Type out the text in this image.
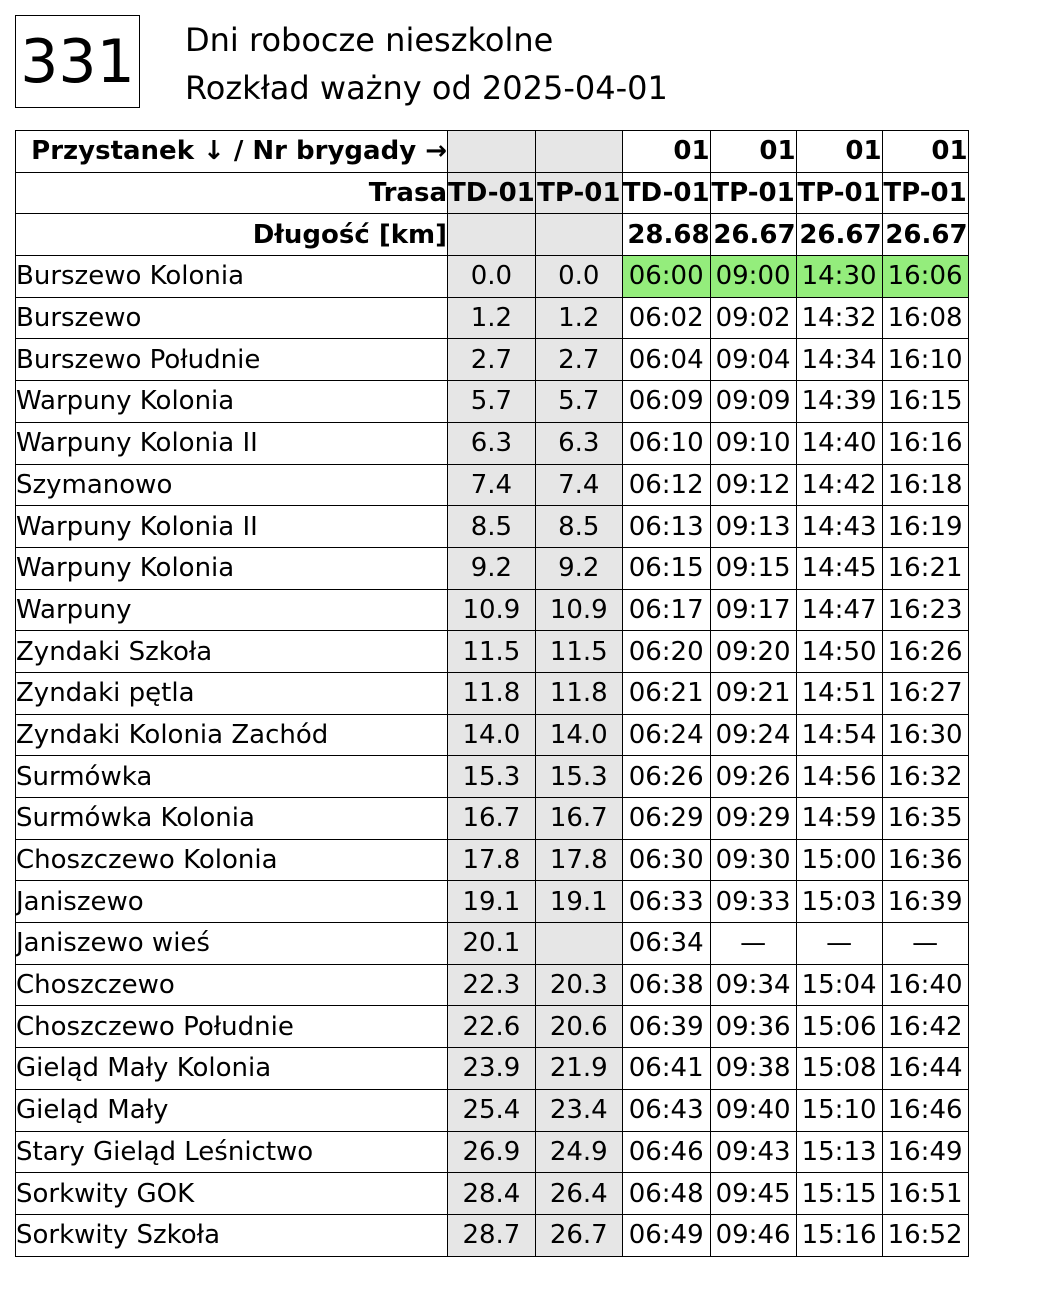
331 Dni robocze nieszkolne
Rozkład ważny od 2025-04-01
Przystanek ↓ / Nr brygady →			01	01	01	01
Trasa	TD-01	TP-01	TD-01	TP-01	TP-01	TP-01
Długość [km]			28.68	26.67	26.67	26.67
Burszewo Kolonia	0.0	0.0	06:00	09:00	14:30	16:06
Burszewo	1.2	1.2	06:02	09:02	14:32	16:08
Burszewo Południe	2.7	2.7	06:04	09:04	14:34	16:10
Warpuny Kolonia	5.7	5.7	06:09	09:09	14:39	16:15
Warpuny Kolonia II	6.3	6.3	06:10	09:10	14:40	16:16
Szymanowo	7.4	7.4	06:12	09:12	14:42	16:18
Warpuny Kolonia II	8.5	8.5	06:13	09:13	14:43	16:19
Warpuny Kolonia	9.2	9.2	06:15	09:15	14:45	16:21
Warpuny	10.9	10.9	06:17	09:17	14:47	16:23
Zyndaki Szkoła	11.5	11.5	06:20	09:20	14:50	16:26
Zyndaki pętla	11.8	11.8	06:21	09:21	14:51	16:27
Zyndaki Kolonia Zachód	14.0	14.0	06:24	09:24	14:54	16:30
Surmówka	15.3	15.3	06:26	09:26	14:56	16:32
Surmówka Kolonia	16.7	16.7	06:29	09:29	14:59	16:35
Choszczewo Kolonia	17.8	17.8	06:30	09:30	15:00	16:36
Janiszewo	19.1	19.1	06:33	09:33	15:03	16:39
Janiszewo wieś	20.1		06:34	—	—	—
Choszczewo	22.3	20.3	06:38	09:34	15:04	16:40
Choszczewo Południe	22.6	20.6	06:39	09:36	15:06	16:42
Gieląd Mały Kolonia	23.9	21.9	06:41	09:38	15:08	16:44
Gieląd Mały	25.4	23.4	06:43	09:40	15:10	16:46
Stary Gieląd Leśnictwo	26.9	24.9	06:46	09:43	15:13	16:49
Sorkwity GOK	28.4	26.4	06:48	09:45	15:15	16:51
Sorkwity Szkoła	28.7	26.7	06:49	09:46	15:16	16:52
